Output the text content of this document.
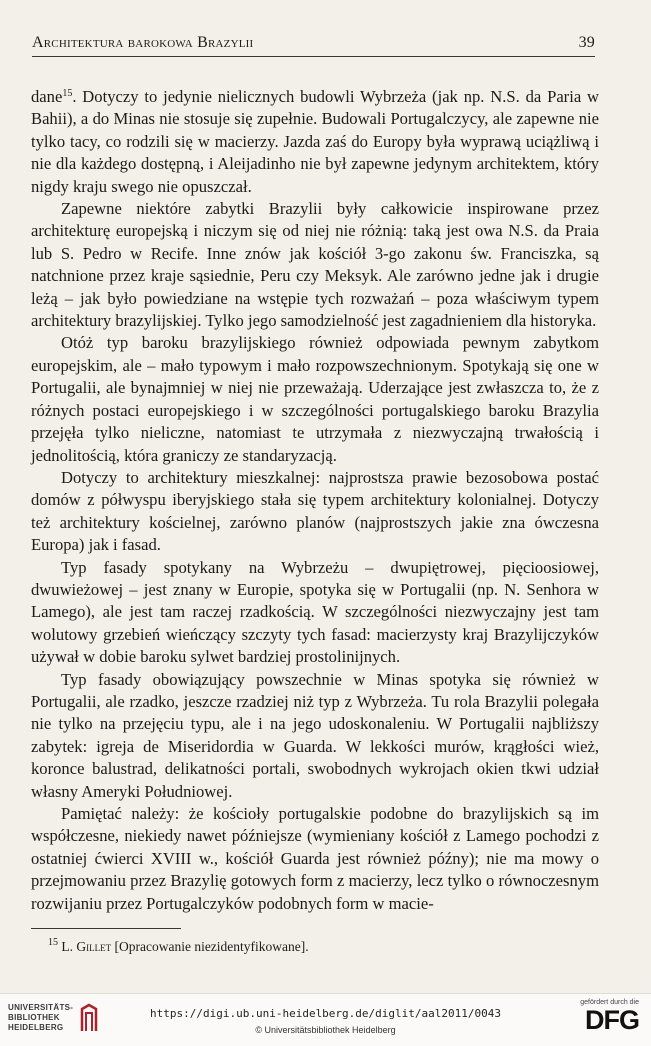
Architektura barokowa Brazylii	39

dane$^{15}$. Dotyczy to jedynie nielicznych budowli Wybrzeża (jak np. N.S. da Paria w Bahii), a do Minas nie stosuje się zupełnie. Budowali Portugalczycy, ale zapewne nie tylko tacy, co rodzili się w macierzy. Jazda zaś do Europy była wyprawą uciążliwą i nie dla każdego dostępną, i Aleijadinho nie był zapewne jedynym architektem, który nigdy kraju swego nie opuszczał.

Zapewne niektóre zabytki Brazylii były całkowicie inspirowane przez architekturę europejską i niczym się od niej nie różnią: taką jest owa N.S. da Praia lub S. Pedro w Recife. Inne znów jak kościół 3-go zakonu św. Franciszka, są natchnione przez kraje sąsiednie, Peru czy Meksyk. Ale zarówno jedne jak i drugie leżą – jak było powiedziane na wstępie tych rozważań – poza właściwym typem architektury brazylijskiej. Tylko jego samodzielność jest zagadnieniem dla historyka.

Otóż typ baroku brazylijskiego również odpowiada pewnym zabytkom europejskim, ale – mało typowym i mało rozpowszechnionym. Spotykają się one w Portugalii, ale bynajmniej w niej nie przeważają. Uderzające jest zwłaszcza to, że z różnych postaci europejskiego i w szczególności portugalskiego baroku Brazylia przejęła tylko nieliczne, natomiast te utrzymała z niezwyczajną trwałością i jednolitością, która graniczy ze standaryzacją.

Dotyczy to architektury mieszkalnej: najprostsza prawie bezosobowa postać domów z półwyspu iberyjskiego stała się typem architektury kolonialnej. Dotyczy też architektury kościelnej, zarówno planów (najprostszych jakie zna ówczesna Europa) jak i fasad.

Typ fasady spotykany na Wybrzeżu – dwupiętrowej, pięcioosiowej, dwuwieżowej – jest znany w Europie, spotyka się w Portugalii (np. N. Senhora w Lamego), ale jest tam raczej rzadkością. W szczególności niezwyczajny jest tam wolutowy grzebień wieńczący szczyty tych fasad: macierzysty kraj Brazylijczyków używał w dobie baroku sylwet bardziej prostolinijnych.

Typ fasady obowiązujący powszechnie w Minas spotyka się również w Portugalii, ale rzadko, jeszcze rzadziej niż typ z Wybrzeża. Tu rola Brazylii polegała nie tylko na przejęciu typu, ale i na jego udoskonaleniu. W Portugalii najbliższy zabytek: igreja de Miseridordia w Guarda. W lekkości murów, krągłości wież, koronce balustrad, delikatności portali, swobodnych wykrojach okien tkwi udział własny Ameryki Południowej.

Pamiętać należy: że kościoły portugalskie podobne do brazylijskich są im współczesne, niekiedy nawet późniejsze (wymieniany kościół z Lamego pochodzi z ostatniej ćwierci XVIII w., kościół Guarda jest również późny); nie ma mowy o przejmowaniu przez Brazylię gotowych form z macierzy, lecz tylko o równoczesnym rozwijaniu przez Portugalczyków podobnych form w macie-

$^{15}$ L. Gillet [Opracowanie niezidentyfikowane].
UNIVERSITÄTS-
BIBLIOTHEK
HEIDELBERG
https://digi.ub.uni-heidelberg.de/diglit/aal2011/0043
© Universitätsbibliothek Heidelberg
gefördert durch die
DFG
